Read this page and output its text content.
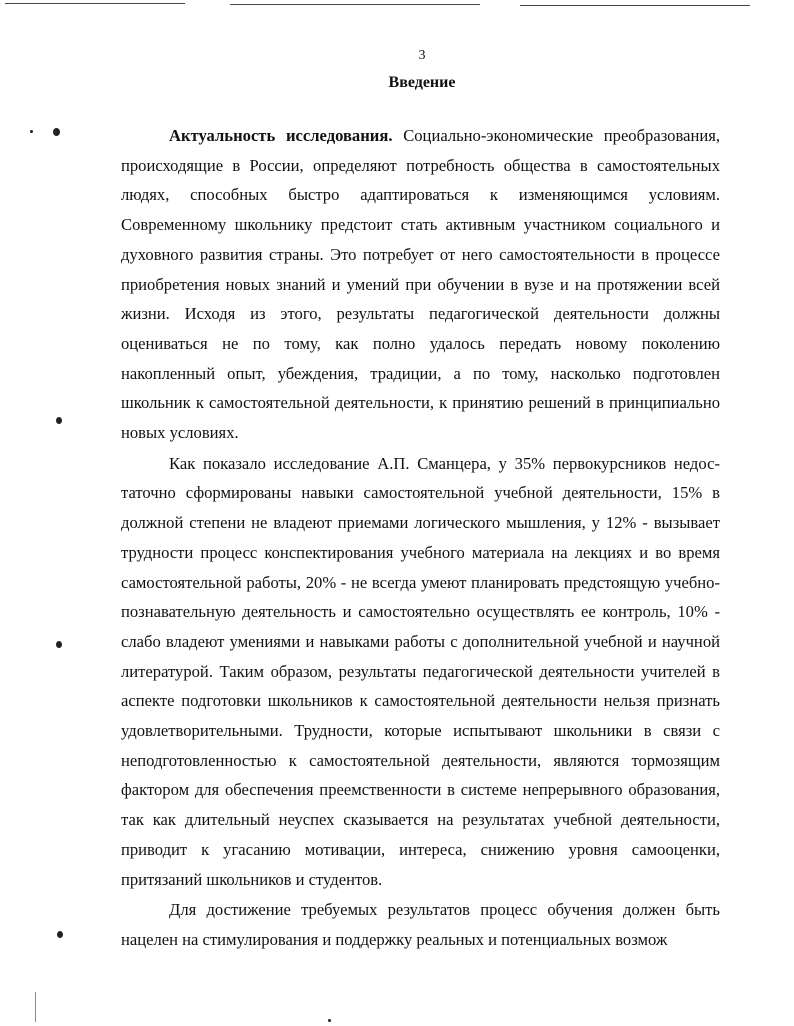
3
Введение

Актуальность исследования. Социально-экономические преобразования, происходящие в России, определяют потребность общества в самостоятельных людях, способных быстро адаптироваться к изменяющимся условиям. Современному школьнику предстоит стать активным участником социального и духовного развития страны. Это потребует от него самостоятельности в процессе приобретения новых знаний и умений при обучении в вузе и на протяжении всей жизни. Исходя из этого, результаты педагогической деятельности должны оцениваться не по тому, как полно удалось передать новому поколению накопленный опыт, убеждения, традиции, а по тому, насколько подготовлен школьник к самостоятельной деятельности, к принятию решений в принципиально новых условиях.

Как показало исследование А.П. Сманцера, у 35% первокурсников недостаточно сформированы навыки самостоятельной учебной деятельности, 15% в должной степени не владеют приемами логического мышления, у 12% - вызывает трудности процесс конспектирования учебного материала на лекциях и во время самостоятельной работы, 20% - не всегда умеют планировать предстоящую учебно-познавательную деятельность и самостоятельно осуществлять ее контроль, 10% - слабо владеют умениями и навыками работы с дополнительной учебной и научной литературой. Таким образом, результаты педагогической деятельности учителей в аспекте подготовки школьников к самостоятельной деятельности нельзя признать удовлетворительными. Трудности, которые испытывают школьники в связи с неподготовленностью к самостоятельной деятельности, являются тормозящим фактором для обеспечения преемственности в системе непрерывного образования, так как длительный неуспех сказывается на результатах учебной деятельности, приводит к угасанию мотивации, интереса, снижению уровня самооценки, притязаний школьников и студентов.

Для достижение требуемых результатов процесс обучения должен быть нацелен на стимулирования и поддержку реальных и потенциальных возмож
